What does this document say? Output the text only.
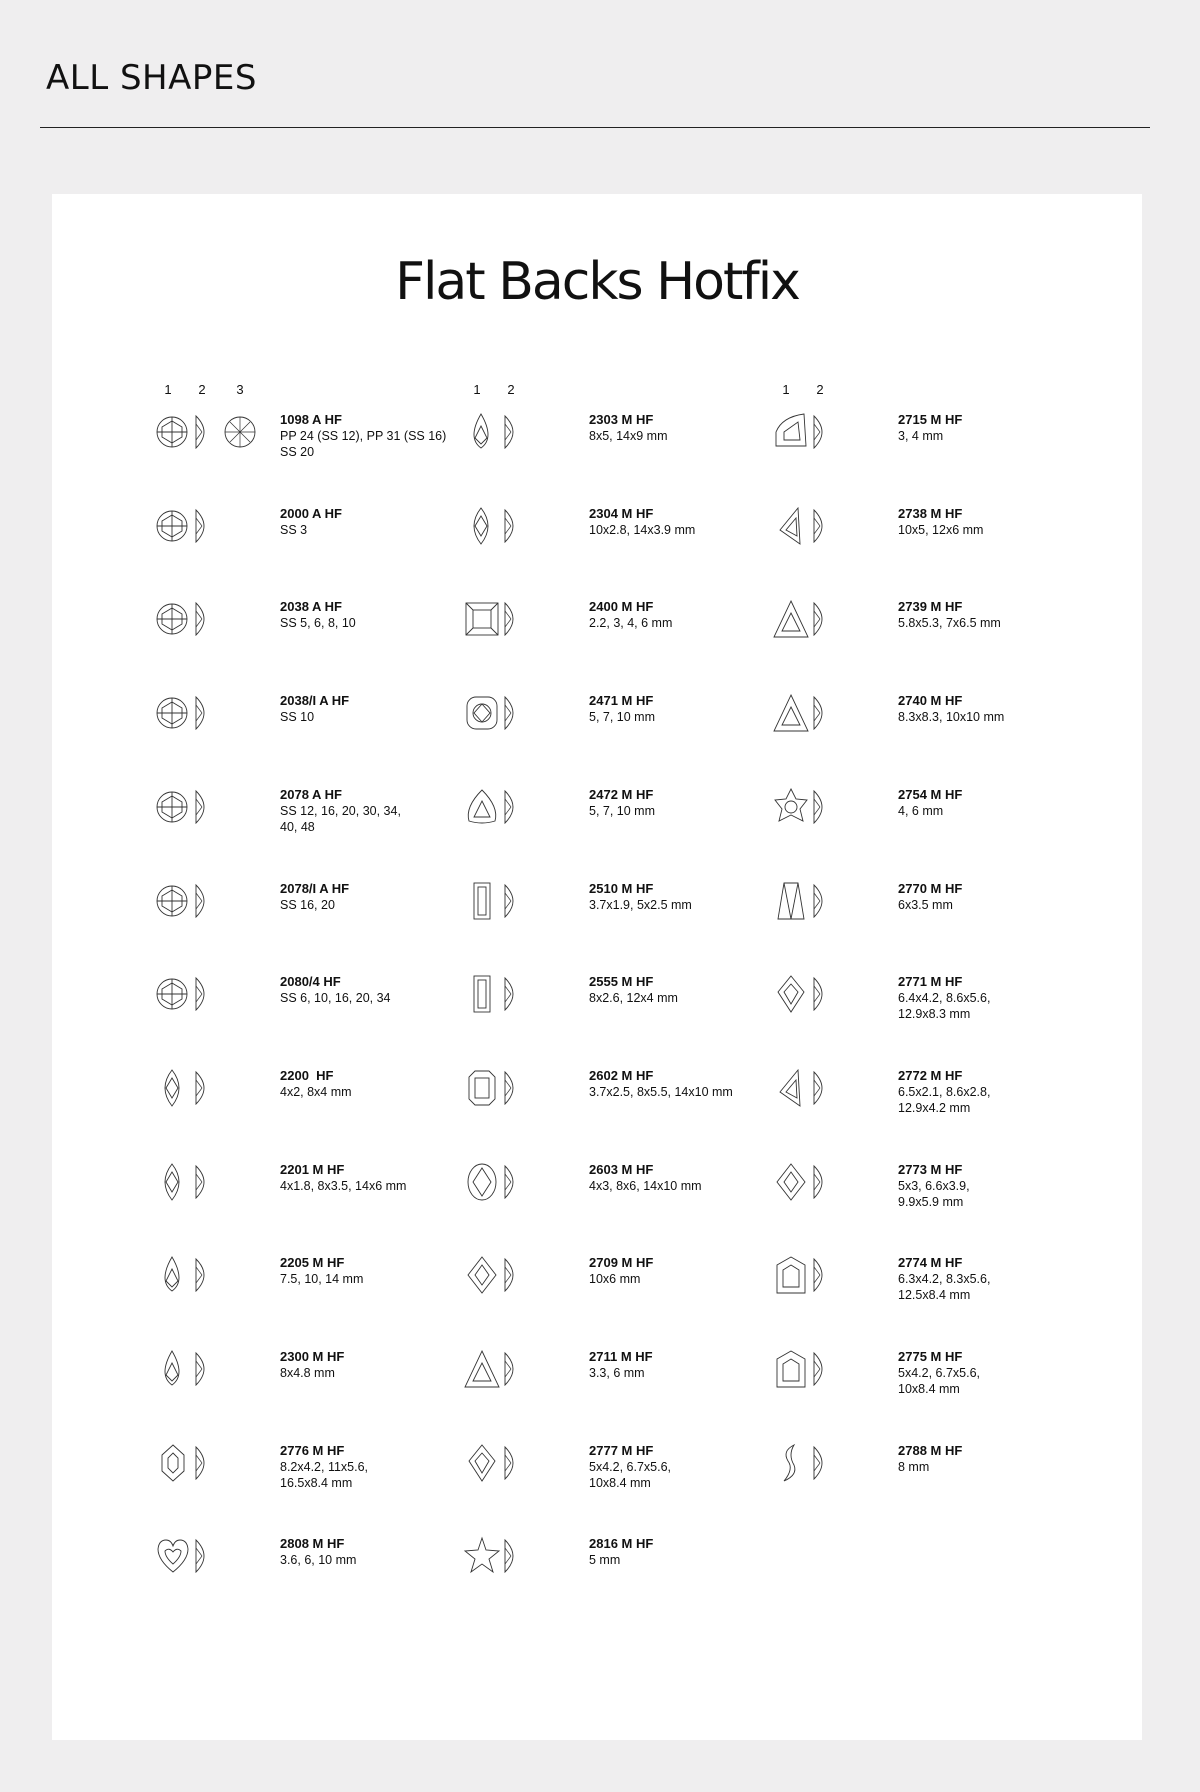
ALL SHAPES
Flat Backs Hotfix
1	2	3	1	2	1	2
1098 A HF
PP 24 (SS 12), PP 31 (SS 16)
SS 20
2000 A HF
SS 3
2038 A HF
SS 5, 6, 8, 10
2038/I A HF
SS 10
2078 A HF
SS 12, 16, 20, 30, 34,
40, 48
2078/I A HF
SS 16, 20
2080/4 HF
SS 6, 10, 16, 20, 34
2200  HF
4x2, 8x4 mm
2201 M HF
4x1.8, 8x3.5, 14x6 mm
2205 M HF
7.5, 10, 14 mm
2300 M HF
8x4.8 mm
2776 M HF
8.2x4.2, 11x5.6,
16.5x8.4 mm
2808 M HF
3.6, 6, 10 mm
2303 M HF
8x5, 14x9 mm
2304 M HF
10x2.8, 14x3.9 mm
2400 M HF
2.2, 3, 4, 6 mm
2471 M HF
5, 7, 10 mm
2472 M HF
5, 7, 10 mm
2510 M HF
3.7x1.9, 5x2.5 mm
2555 M HF
8x2.6, 12x4 mm
2602 M HF
3.7x2.5, 8x5.5, 14x10 mm
2603 M HF
4x3, 8x6, 14x10 mm
2709 M HF
10x6 mm
2711 M HF
3.3, 6 mm
2777 M HF
5x4.2, 6.7x5.6,
10x8.4 mm
2816 M HF
5 mm
2715 M HF
3, 4 mm
2738 M HF
10x5, 12x6 mm
2739 M HF
5.8x5.3, 7x6.5 mm
2740 M HF
8.3x8.3, 10x10 mm
2754 M HF
4, 6 mm
2770 M HF
6x3.5 mm
2771 M HF
6.4x4.2, 8.6x5.6,
12.9x8.3 mm
2772 M HF
6.5x2.1, 8.6x2.8,
12.9x4.2 mm
2773 M HF
5x3, 6.6x3.9,
9.9x5.9 mm
2774 M HF
6.3x4.2, 8.3x5.6,
12.5x8.4 mm
2775 M HF
5x4.2, 6.7x5.6,
10x8.4 mm
2788 M HF
8 mm
